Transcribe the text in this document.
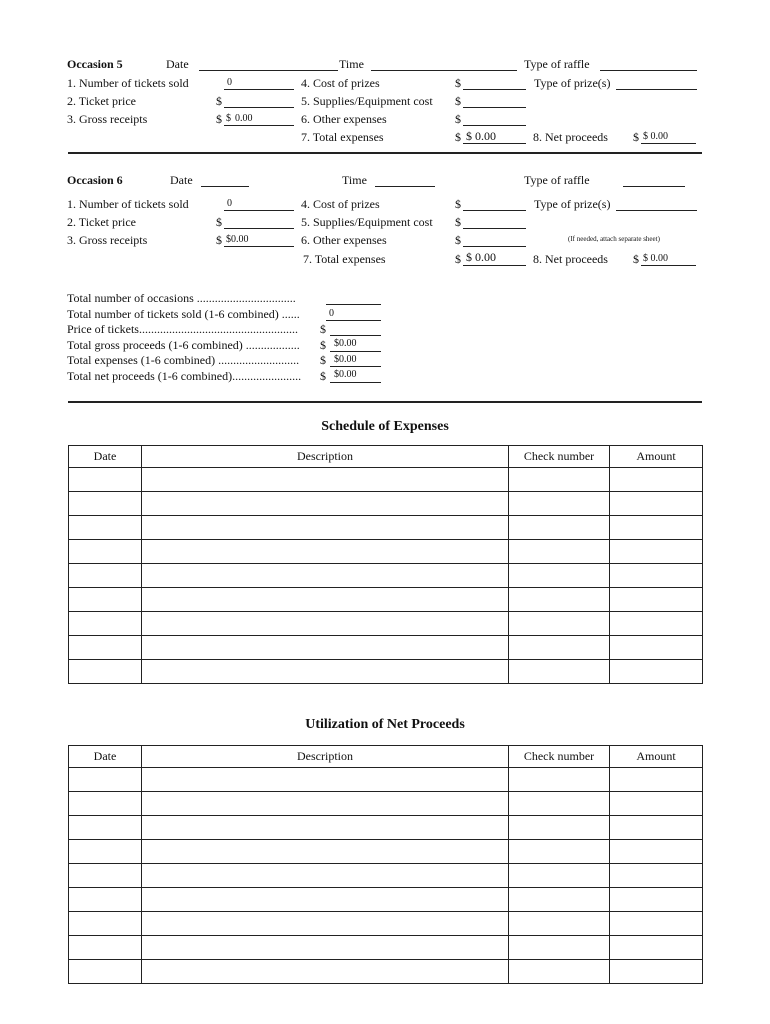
Occasion 5	Date	Time	Type of raffle
1. Number of tickets sold	0
2. Ticket price	$
3. Gross receipts	$ $ 0.00
4. Cost of prizes	$	Type of prize(s)
5. Supplies/Equipment cost $
6. Other expenses	$
7. Total expenses	$ $ 0.00	8. Net proceeds $ $ 0.00
Occasion 6	Date	Time	Type of raffle
1. Number of tickets sold	0
2. Ticket price	$
3. Gross receipts	$ $0.00
4. Cost of prizes	$	Type of prize(s)
5. Supplies/Equipment cost $
6. Other expenses	$	(If needed, attach separate sheet)
7. Total expenses	$ $ 0.00	8. Net proceeds $ $ 0.00
Total number of occasions .................................
Total number of tickets sold (1-6 combined) ......	0
Price of tickets..................................................... $
Total gross proceeds (1-6 combined) .................. $ $0.00
Total expenses (1-6 combined) ........................... $ $0.00
Total net proceeds (1-6 combined)....................... $ $0.00
Schedule of Expenses
Date	Description	Check number	Amount

Utilization of Net Proceeds
Date	Description	Check number	Amount
